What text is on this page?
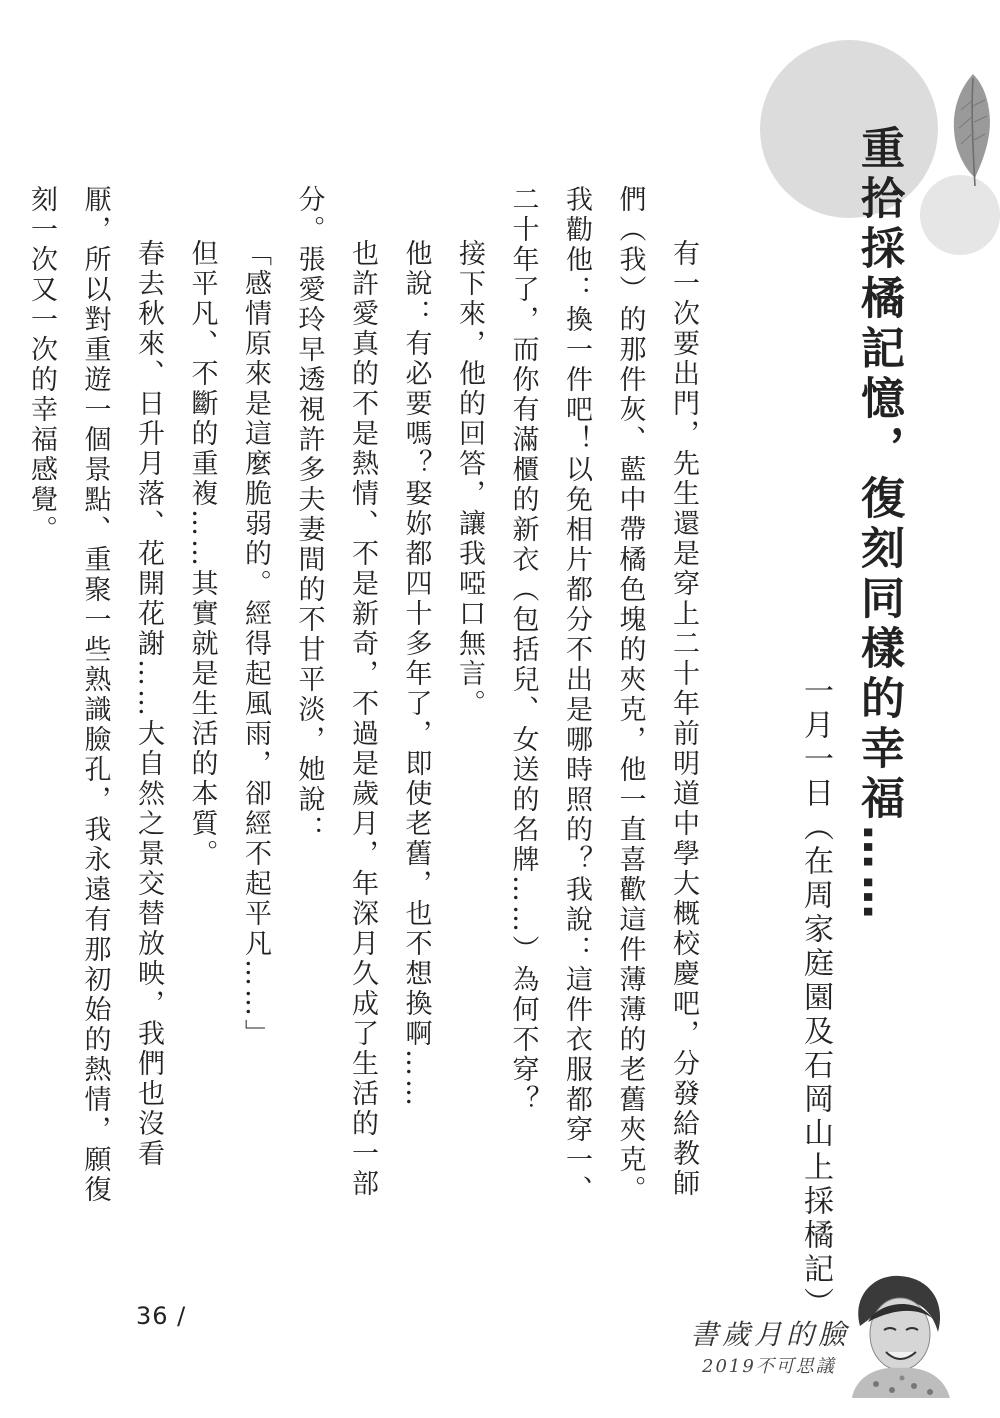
重拾採橘記憶，復刻同樣的幸福……
一月一日（在周家庭園及石岡山上採橘記）

有一次要出門，先生還是穿上二十年前明道中學大概校慶吧，分發給教師們（我）的那件灰、藍中帶橘色塊的夾克，他一直喜歡這件薄薄的老舊夾克。我勸他：換一件吧！以免相片都分不出是哪時照的？我說：這件衣服都穿一、二十年了，而你有滿櫃的新衣（包括兒、女送的名牌……）為何不穿？

接下來，他的回答，讓我啞口無言。

他說：有必要嗎？娶妳都四十多年了，即使老舊，也不想換啊……

也許愛真的不是熱情、不是新奇，不過是歲月，年深月久成了生活的一部分。張愛玲早透視許多夫妻間的不甘平淡，她說：

「感情原來是這麼脆弱的。經得起風雨，卻經不起平凡……」

但平凡、不斷的重複……其實就是生活的本質。

春去秋來、日升月落、花開花謝……大自然之景交替放映，我們也沒看厭，所以對重遊一個景點、重聚一些熟識臉孔，我永遠有那初始的熱情，願復刻一次又一次的幸福感覺。

36 /
書歲月的臉
2019不可思議
